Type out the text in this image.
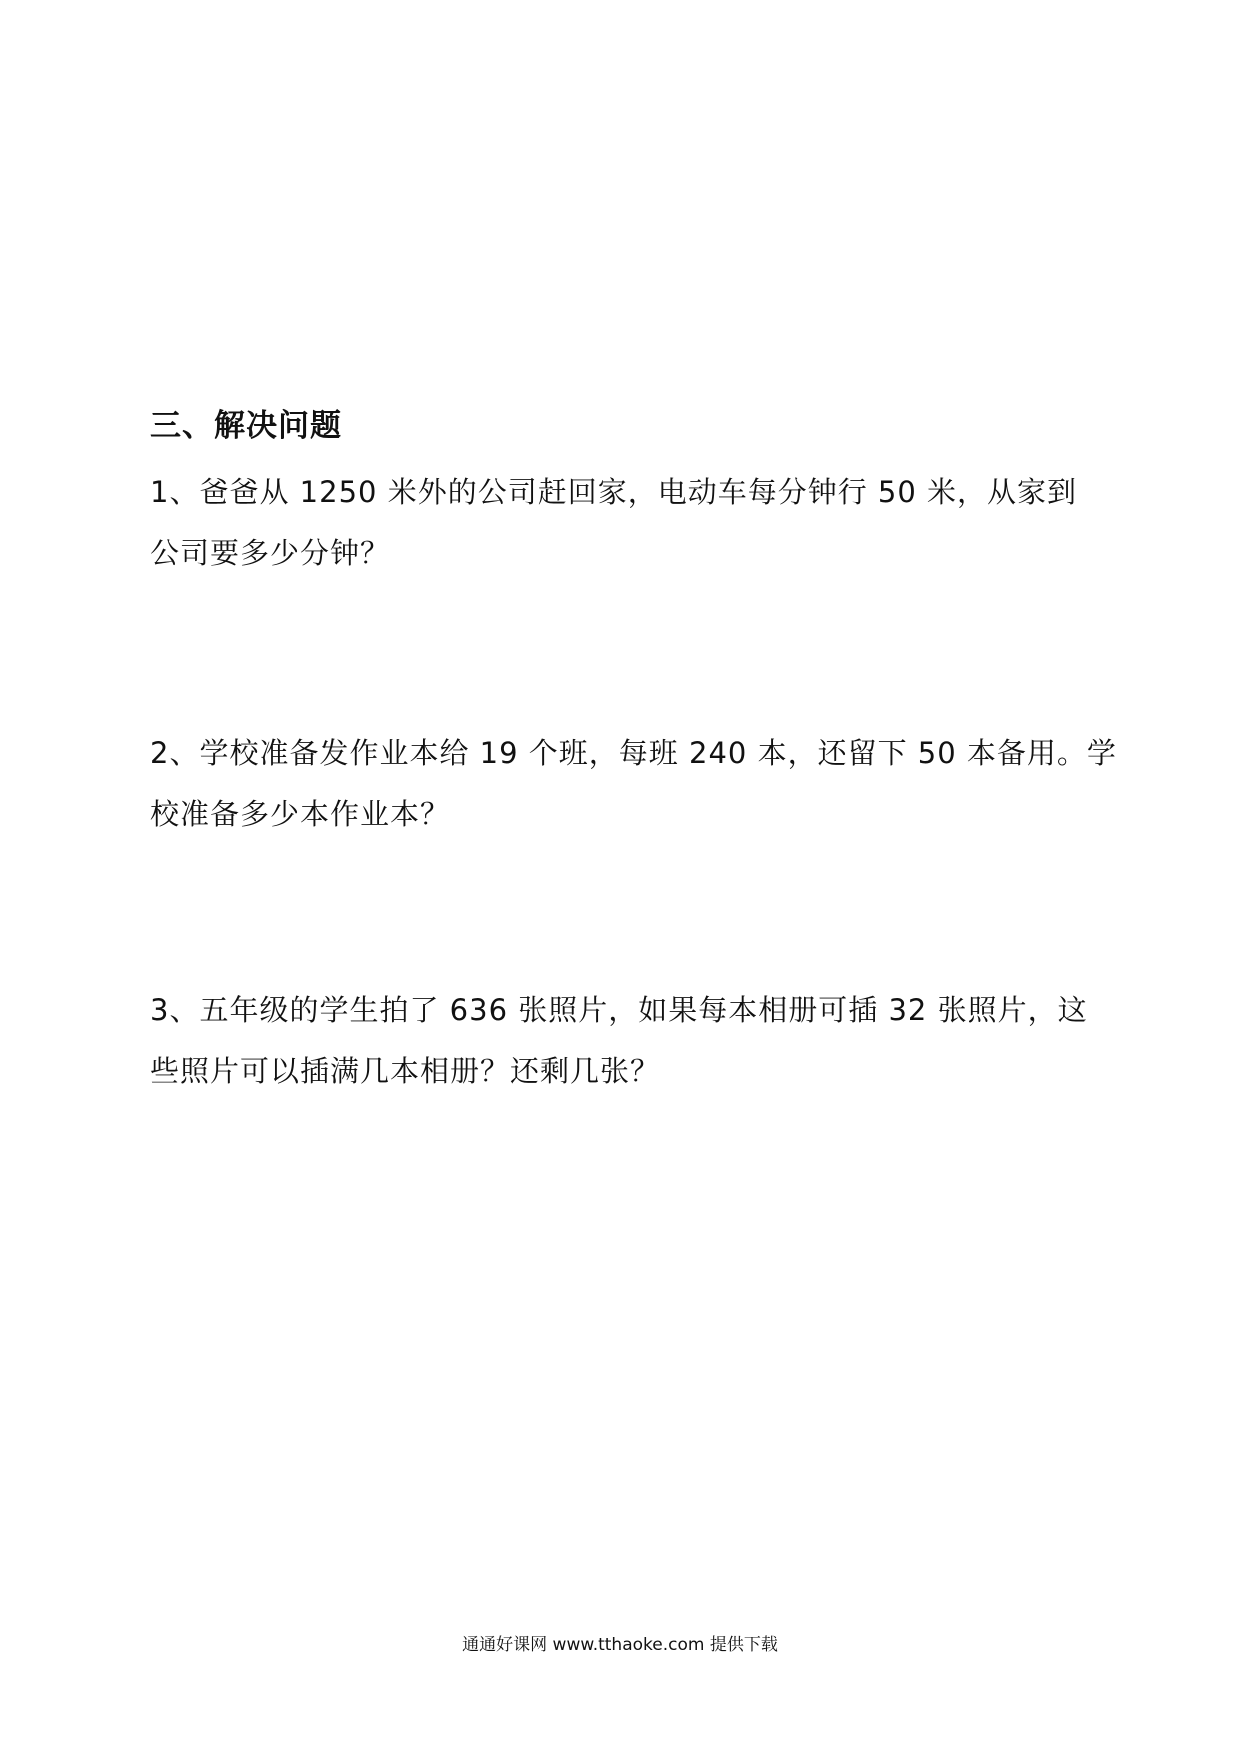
三、解决问题
1、爸爸从 1250 米外的公司赶回家，电动车每分钟行 50 米，从家到
公司要多少分钟？
2、学校准备发作业本给 19 个班，每班 240 本，还留下 50 本备用。学
校准备多少本作业本？
3、五年级的学生拍了 636 张照片，如果每本相册可插 32 张照片，这
些照片可以插满几本相册？还剩几张？
通通好课网 www.tthaoke.com 提供下载
